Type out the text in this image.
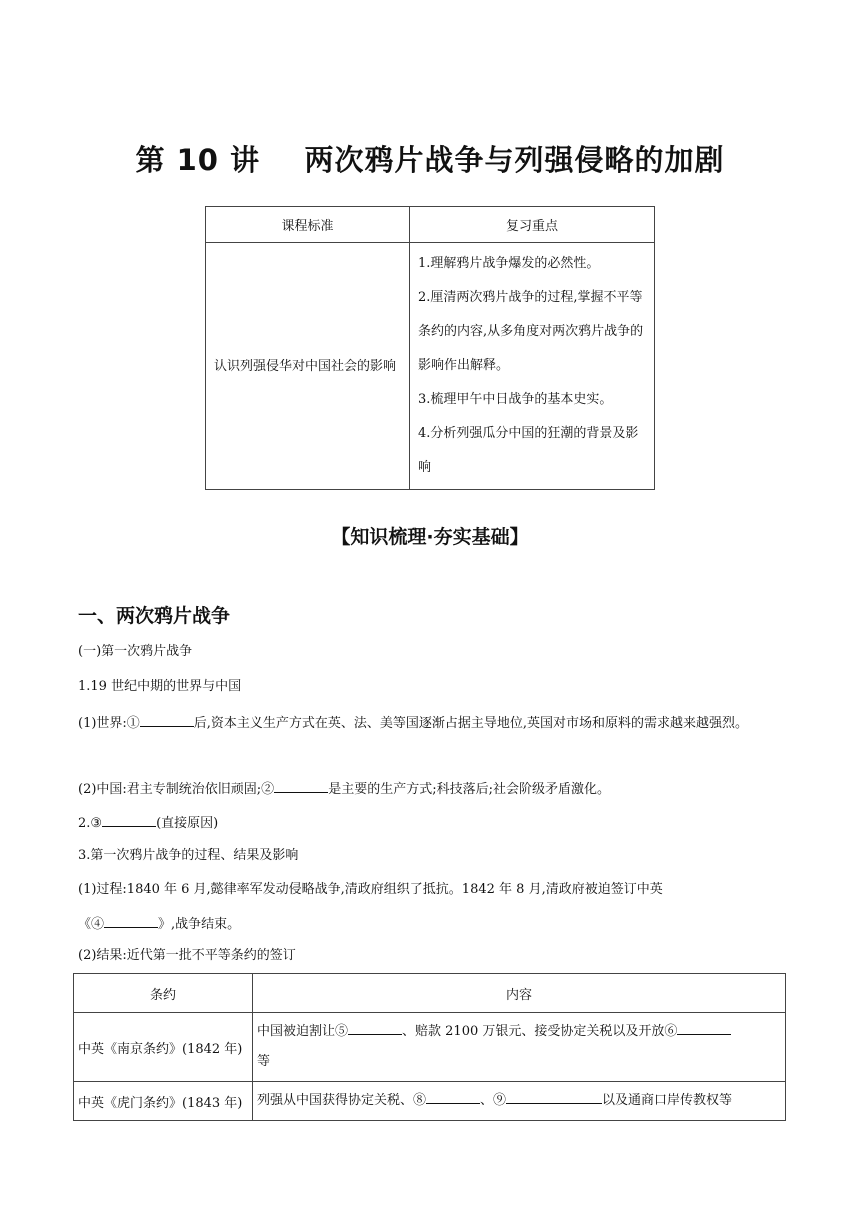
第 10 讲    两次鸦片战争与列强侵略的加剧
课程标准	复习重点
认识列强侵华对中国社会的影响	1.理解鸦片战争爆发的必然性。
2.厘清两次鸦片战争的过程,掌握不平等条约的内容,从多角度对两次鸦片战争的影响作出解释。
3.梳理甲午中日战争的基本史实。
4.分析列强瓜分中国的狂潮的背景及影响
【知识梳理·夯实基础】
一、两次鸦片战争
(一)第一次鸦片战争
1.19 世纪中期的世界与中国
(1)世界:①	后,资本主义生产方式在英、法、美等国逐渐占据主导地位,英国对市场和原料的需求越来越强烈。
(2)中国:君主专制统治依旧顽固;②	是主要的生产方式;科技落后;社会阶级矛盾激化。
2.③	(直接原因)
3.第一次鸦片战争的过程、结果及影响
(1)过程:1840 年 6 月,懿律率军发动侵略战争,清政府组织了抵抗。1842 年 8 月,清政府被迫签订中英
《④	》,战争结束。
(2)结果:近代第一批不平等条约的签订
条约	内容
中英《南京条约》(1842 年)	中国被迫割让⑤ 、赔款 2100 万银元、接受协定关税以及开放⑥
等
中英《虎门条约》(1843 年)	列强从中国获得协定关税、⑧ 、⑨ 以及通商口岸传教权等
